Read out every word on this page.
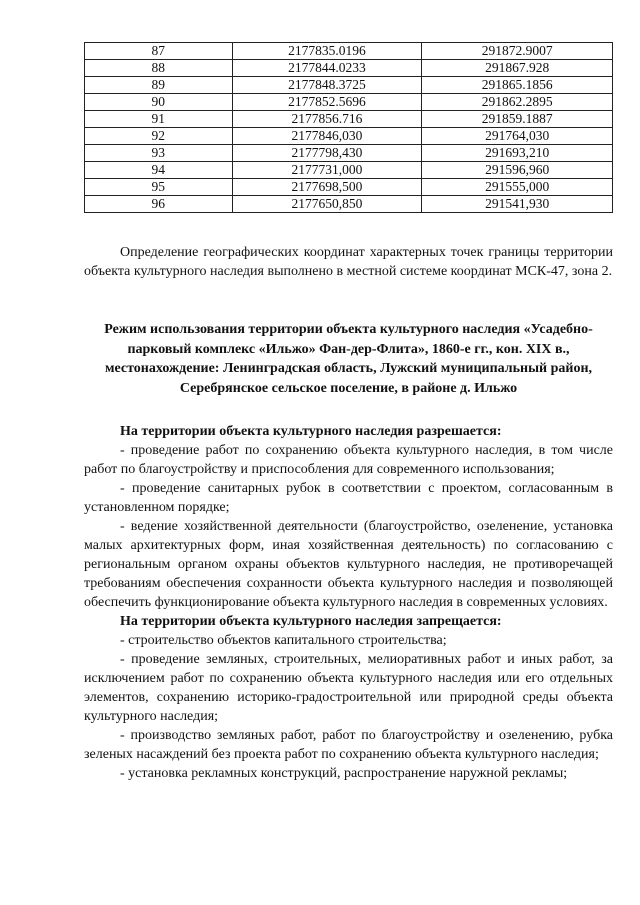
87	2177835.0196	291872.9007
88	2177844.0233	291867.928
89	2177848.3725	291865.1856
90	2177852.5696	291862.2895
91	2177856.716	291859.1887
92	2177846,030	291764,030
93	2177798,430	291693,210
94	2177731,000	291596,960
95	2177698,500	291555,000
96	2177650,850	291541,930

Определение географических координат характерных точек границы территории объекта культурного наследия выполнено в местной системе координат МСК-47, зона 2.

Режим использования территории объекта культурного наследия «Усадебно-парковый комплекс «Ильжо» Фан-дер-Флита», 1860-е гг., кон. XIX в., местонахождение: Ленинградская область, Лужский муниципальный район, Серебрянское сельское поселение, в районе д. Ильжо

На территории объекта культурного наследия разрешается:

- проведение работ по сохранению объекта культурного наследия, в том числе работ по благоустройству и приспособления для современного использования;

- проведение санитарных рубок в соответствии с проектом, согласованным в установленном порядке;

- ведение хозяйственной деятельности (благоустройство, озеленение, установка малых архитектурных форм, иная хозяйственная деятельность) по согласованию с региональным органом охраны объектов культурного наследия, не противоречащей требованиям обеспечения сохранности объекта культурного наследия и позволяющей обеспечить функционирование объекта культурного наследия в современных условиях.

На территории объекта культурного наследия запрещается:

- строительство объектов капитального строительства;

- проведение земляных, строительных, мелиоративных работ и иных работ, за исключением работ по сохранению объекта культурного наследия или его отдельных элементов, сохранению историко-градостроительной или природной среды объекта культурного наследия;

- производство земляных работ, работ по благоустройству и озеленению, рубка зеленых насаждений без проекта работ по сохранению объекта культурного наследия;

- установка рекламных конструкций, распространение наружной рекламы;
